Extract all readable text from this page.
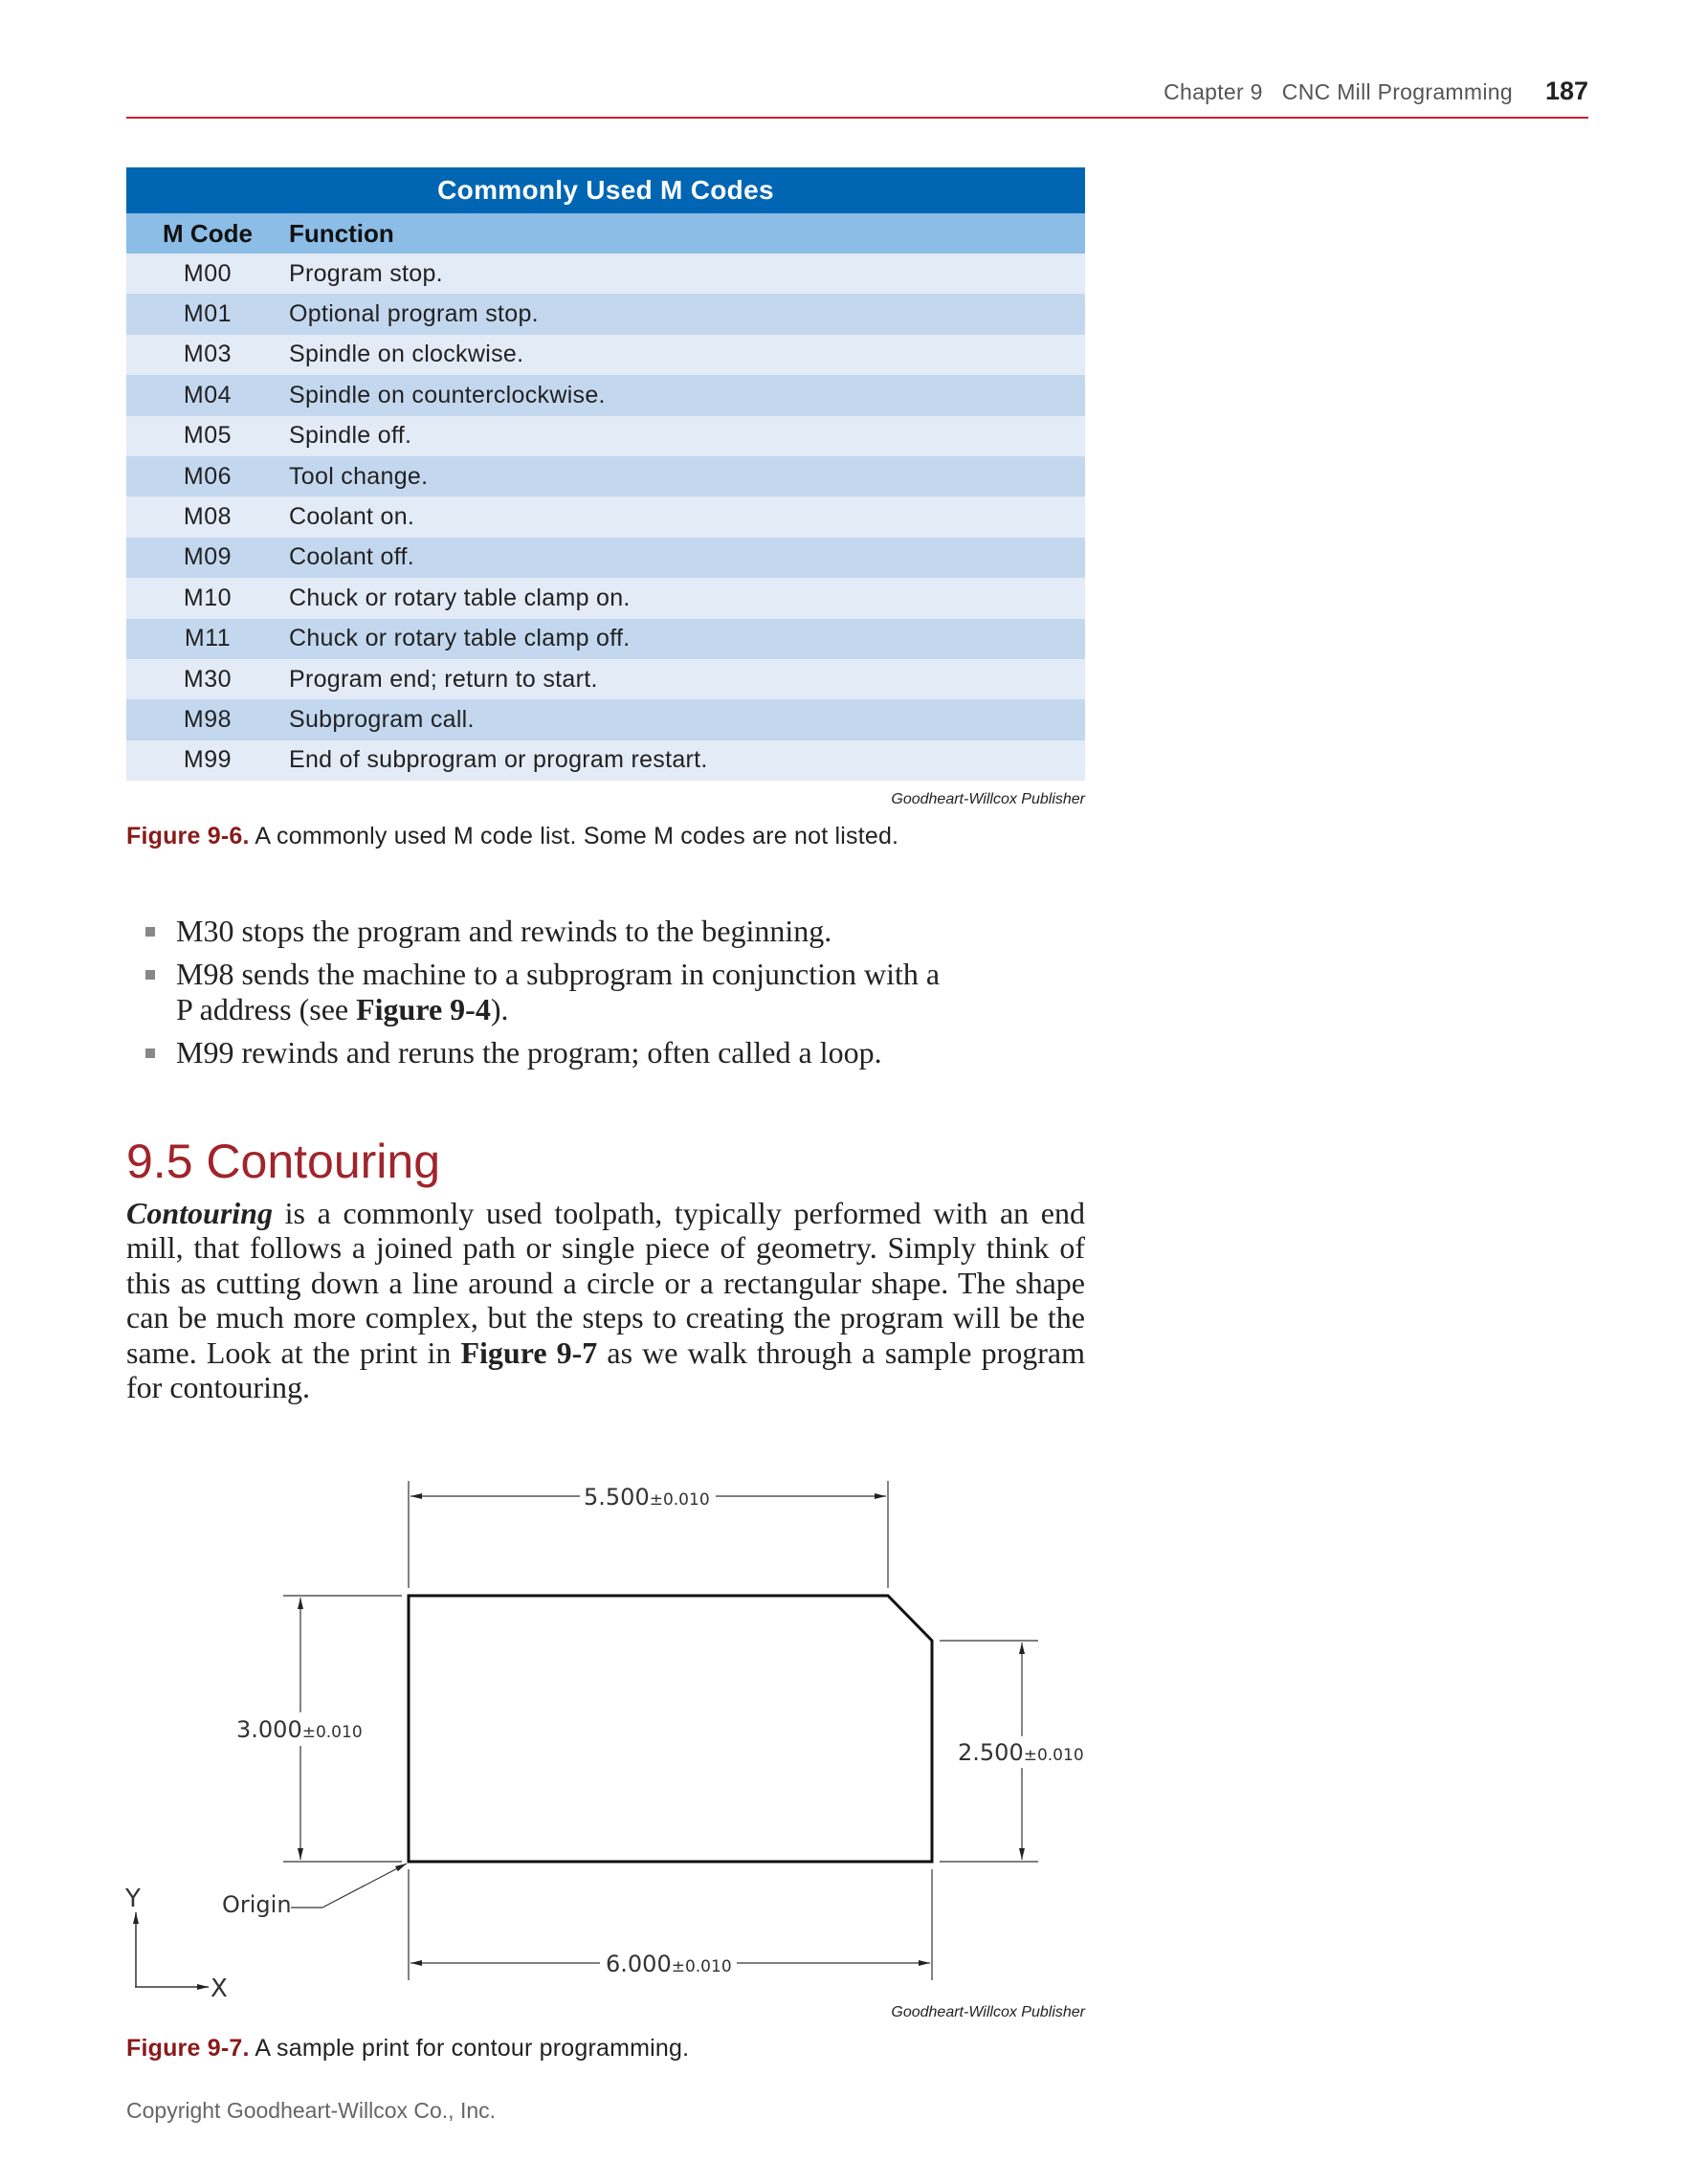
Chapter 9 CNC Mill Programming 187
Commonly Used M Codes	
M Code	Function
M00	Program stop.
M01	Optional program stop.
M03	Spindle on clockwise.
M04	Spindle on counterclockwise.
M05	Spindle off.
M06	Tool change.
M08	Coolant on.
M09	Coolant off.
M10	Chuck or rotary table clamp on.
M11	Chuck or rotary table clamp off.
M30	Program end; return to start.
M98	Subprogram call.
M99	End of subprogram or program restart.
Goodheart-Willcox Publisher
Figure 9-6. A commonly used M code list. Some M codes are not listed.
M30 stops the program and rewinds to the beginning.
M98 sends the machine to a subprogram in conjunction with a
P address (see Figure 9-4).
M99 rewinds and reruns the program; often called a loop.
9.5 Contouring

Contouring is a commonly used toolpath, typically performed with an end mill, that follows a joined path or single piece of geometry. Simply think of this as cutting down a line around a circle or a rectangular shape. The shape can be much more complex, but the steps to creating the program will be the same. Look at the print in Figure 9-7 as we walk through a sample program for contouring.

5.500±0.010
3.000±0.010
2.500±0.010
6.000±0.010
Origin
Y
X
Goodheart-Willcox Publisher
Figure 9-7. A sample print for contour programming.
Copyright Goodheart-Willcox Co., Inc.
